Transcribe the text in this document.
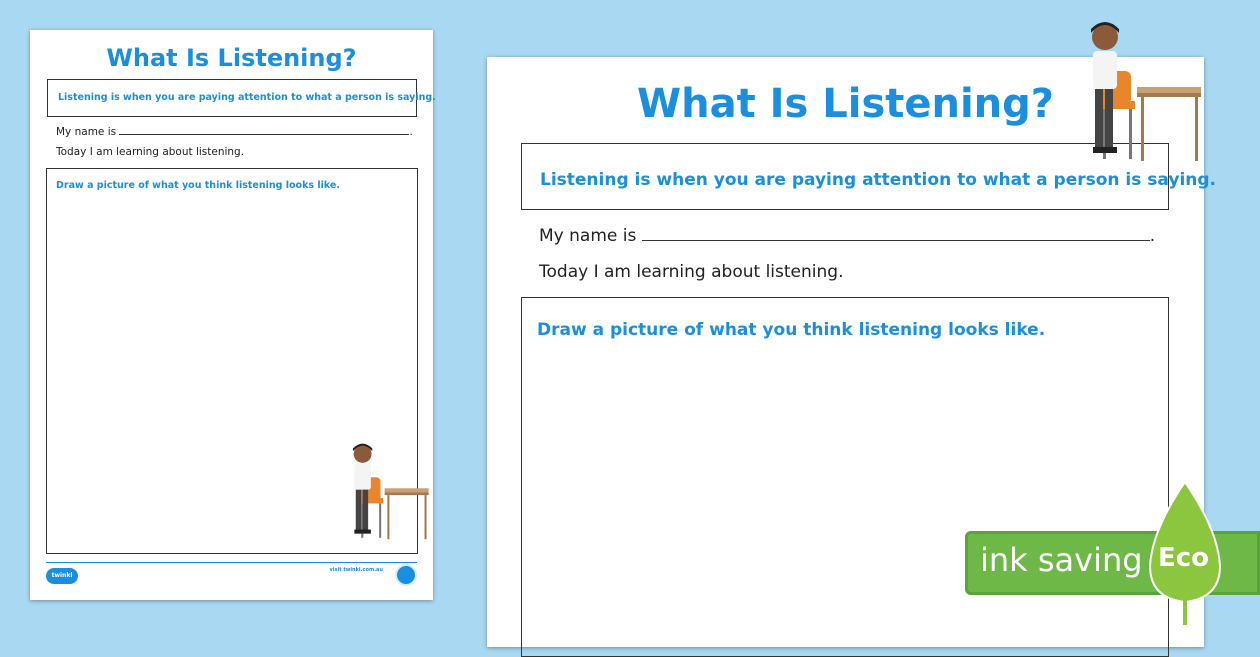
What Is Listening?
Listening is when you are paying attention to what a person is saying.
My name is	.
Today I am learning about listening.
Draw a picture of what you think listening looks like.
twinkl
visit twinkl.com.au
What Is Listening?
Listening is when you are paying attention to what a person is saying.
My name is	.
Today I am learning about listening.
Draw a picture of what you think listening looks like.
ink saving Eco
